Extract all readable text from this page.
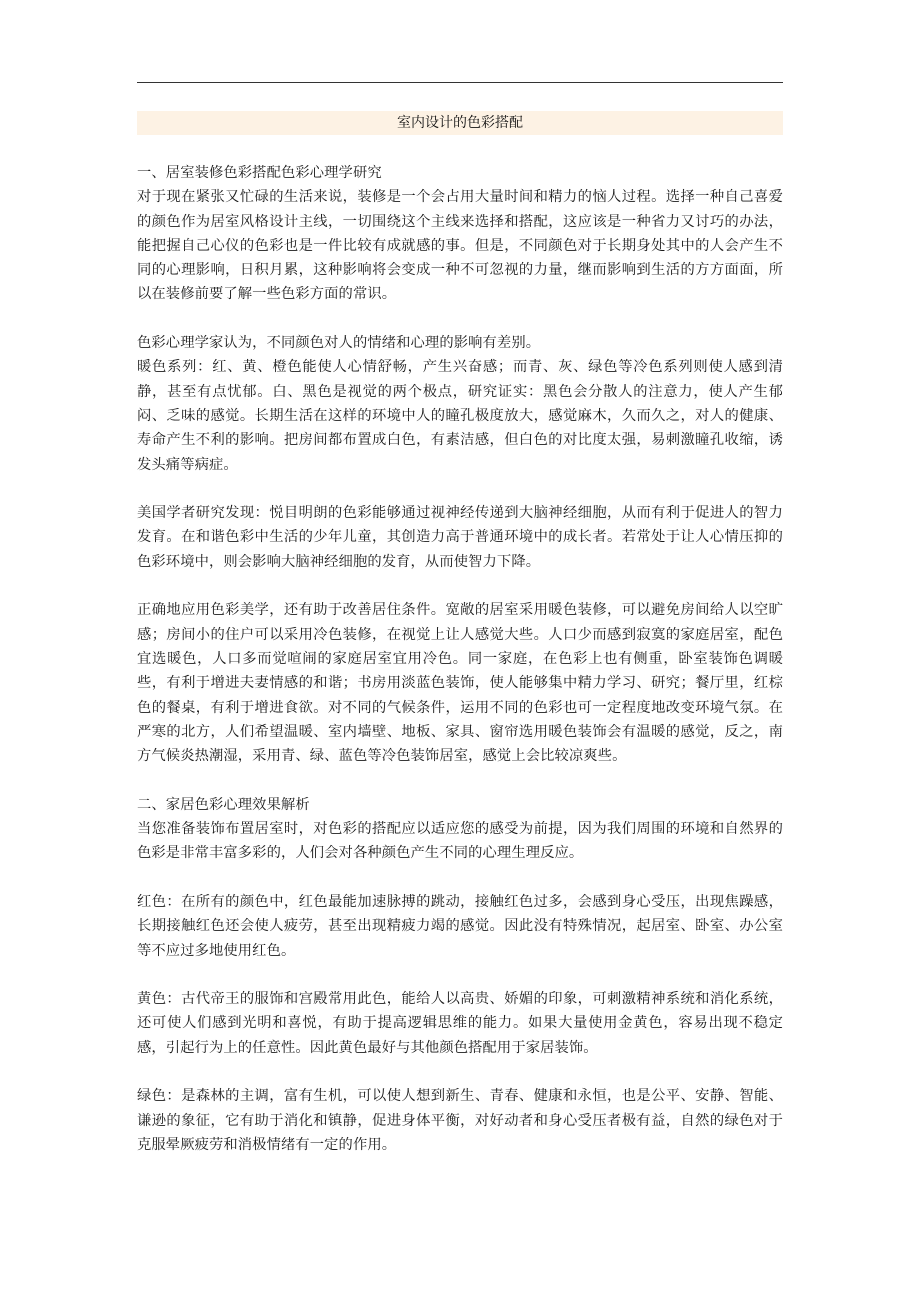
室内设计的色彩搭配

一、居室装修色彩搭配色彩心理学研究

对于现在紧张又忙碌的生活来说，装修是一个会占用大量时间和精力的恼人过程。选择一种自己喜爱的颜色作为居室风格设计主线，一切围绕这个主线来选择和搭配，这应该是一种省力又讨巧的办法，能把握自己心仪的色彩也是一件比较有成就感的事。但是，不同颜色对于长期身处其中的人会产生不同的心理影响，日积月累，这种影响将会变成一种不可忽视的力量，继而影响到生活的方方面面，所以在装修前要了解一些色彩方面的常识。

色彩心理学家认为，不同颜色对人的情绪和心理的影响有差别。

暖色系列：红、黄、橙色能使人心情舒畅，产生兴奋感；而青、灰、绿色等冷色系列则使人感到清静，甚至有点忧郁。白、黑色是视觉的两个极点，研究证实：黑色会分散人的注意力，使人产生郁闷、乏味的感觉。长期生活在这样的环境中人的瞳孔极度放大，感觉麻木，久而久之，对人的健康、寿命产生不利的影响。把房间都布置成白色，有素洁感，但白色的对比度太强，易刺激瞳孔收缩，诱发头痛等病症。

美国学者研究发现：悦目明朗的色彩能够通过视神经传递到大脑神经细胞，从而有利于促进人的智力发育。在和谐色彩中生活的少年儿童，其创造力高于普通环境中的成长者。若常处于让人心情压抑的色彩环境中，则会影响大脑神经细胞的发育，从而使智力下降。

正确地应用色彩美学，还有助于改善居住条件。宽敞的居室采用暖色装修，可以避免房间给人以空旷感；房间小的住户可以采用冷色装修，在视觉上让人感觉大些。人口少而感到寂寞的家庭居室，配色宜选暖色，人口多而觉喧闹的家庭居室宜用冷色。同一家庭，在色彩上也有侧重，卧室装饰色调暖些，有利于增进夫妻情感的和谐；书房用淡蓝色装饰，使人能够集中精力学习、研究；餐厅里，红棕色的餐桌，有利于增进食欲。对不同的气候条件，运用不同的色彩也可一定程度地改变环境气氛。在严寒的北方，人们希望温暖、室内墙壁、地板、家具、窗帘选用暖色装饰会有温暖的感觉，反之，南方气候炎热潮湿，采用青、绿、蓝色等冷色装饰居室，感觉上会比较凉爽些。

二、家居色彩心理效果解析

当您准备装饰布置居室时，对色彩的搭配应以适应您的感受为前提，因为我们周围的环境和自然界的色彩是非常丰富多彩的，人们会对各种颜色产生不同的心理生理反应。

红色：在所有的颜色中，红色最能加速脉搏的跳动，接触红色过多，会感到身心受压，出现焦躁感，长期接触红色还会使人疲劳，甚至出现精疲力竭的感觉。因此没有特殊情况，起居室、卧室、办公室等不应过多地使用红色。

黄色：古代帝王的服饰和宫殿常用此色，能给人以高贵、娇媚的印象，可刺激精神系统和消化系统，还可使人们感到光明和喜悦，有助于提高逻辑思维的能力。如果大量使用金黄色，容易出现不稳定感，引起行为上的任意性。因此黄色最好与其他颜色搭配用于家居装饰。

绿色：是森林的主调，富有生机，可以使人想到新生、青春、健康和永恒，也是公平、安静、智能、谦逊的象征，它有助于消化和镇静，促进身体平衡，对好动者和身心受压者极有益，自然的绿色对于克服晕厥疲劳和消极情绪有一定的作用。
